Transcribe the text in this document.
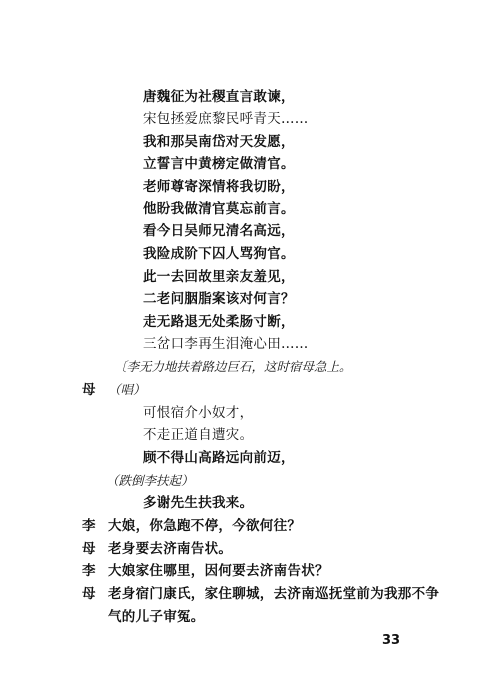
唐魏征为社稷直言敢谏，
宋包拯爱庶黎民呼青天……
我和那吴南岱对天发愿，
立誓言中黄榜定做清官。
老师尊寄深情将我切盼，
他盼我做清官莫忘前言。
看今日吴师兄清名高远，
我险成阶下囚人骂狗官。
此一去回故里亲友羞见，
二老问胭脂案该对何言？
走无路退无处柔肠寸断，
三岔口李再生泪淹心田……
〔李无力地扶着路边巨石，这时宿母急上。
母 （唱）
可恨宿介小奴才，
不走正道自遭灾。
顾不得山高路远向前迈，
（跌倒李扶起）
多谢先生扶我来。
李 大娘，你急跑不停，今欲何往？
母 老身要去济南告状。
李 大娘家住哪里，因何要去济南告状？
母 老身宿门康氏，家住聊城，去济南巡抚堂前为我那不争
气的儿子审冤。
33
